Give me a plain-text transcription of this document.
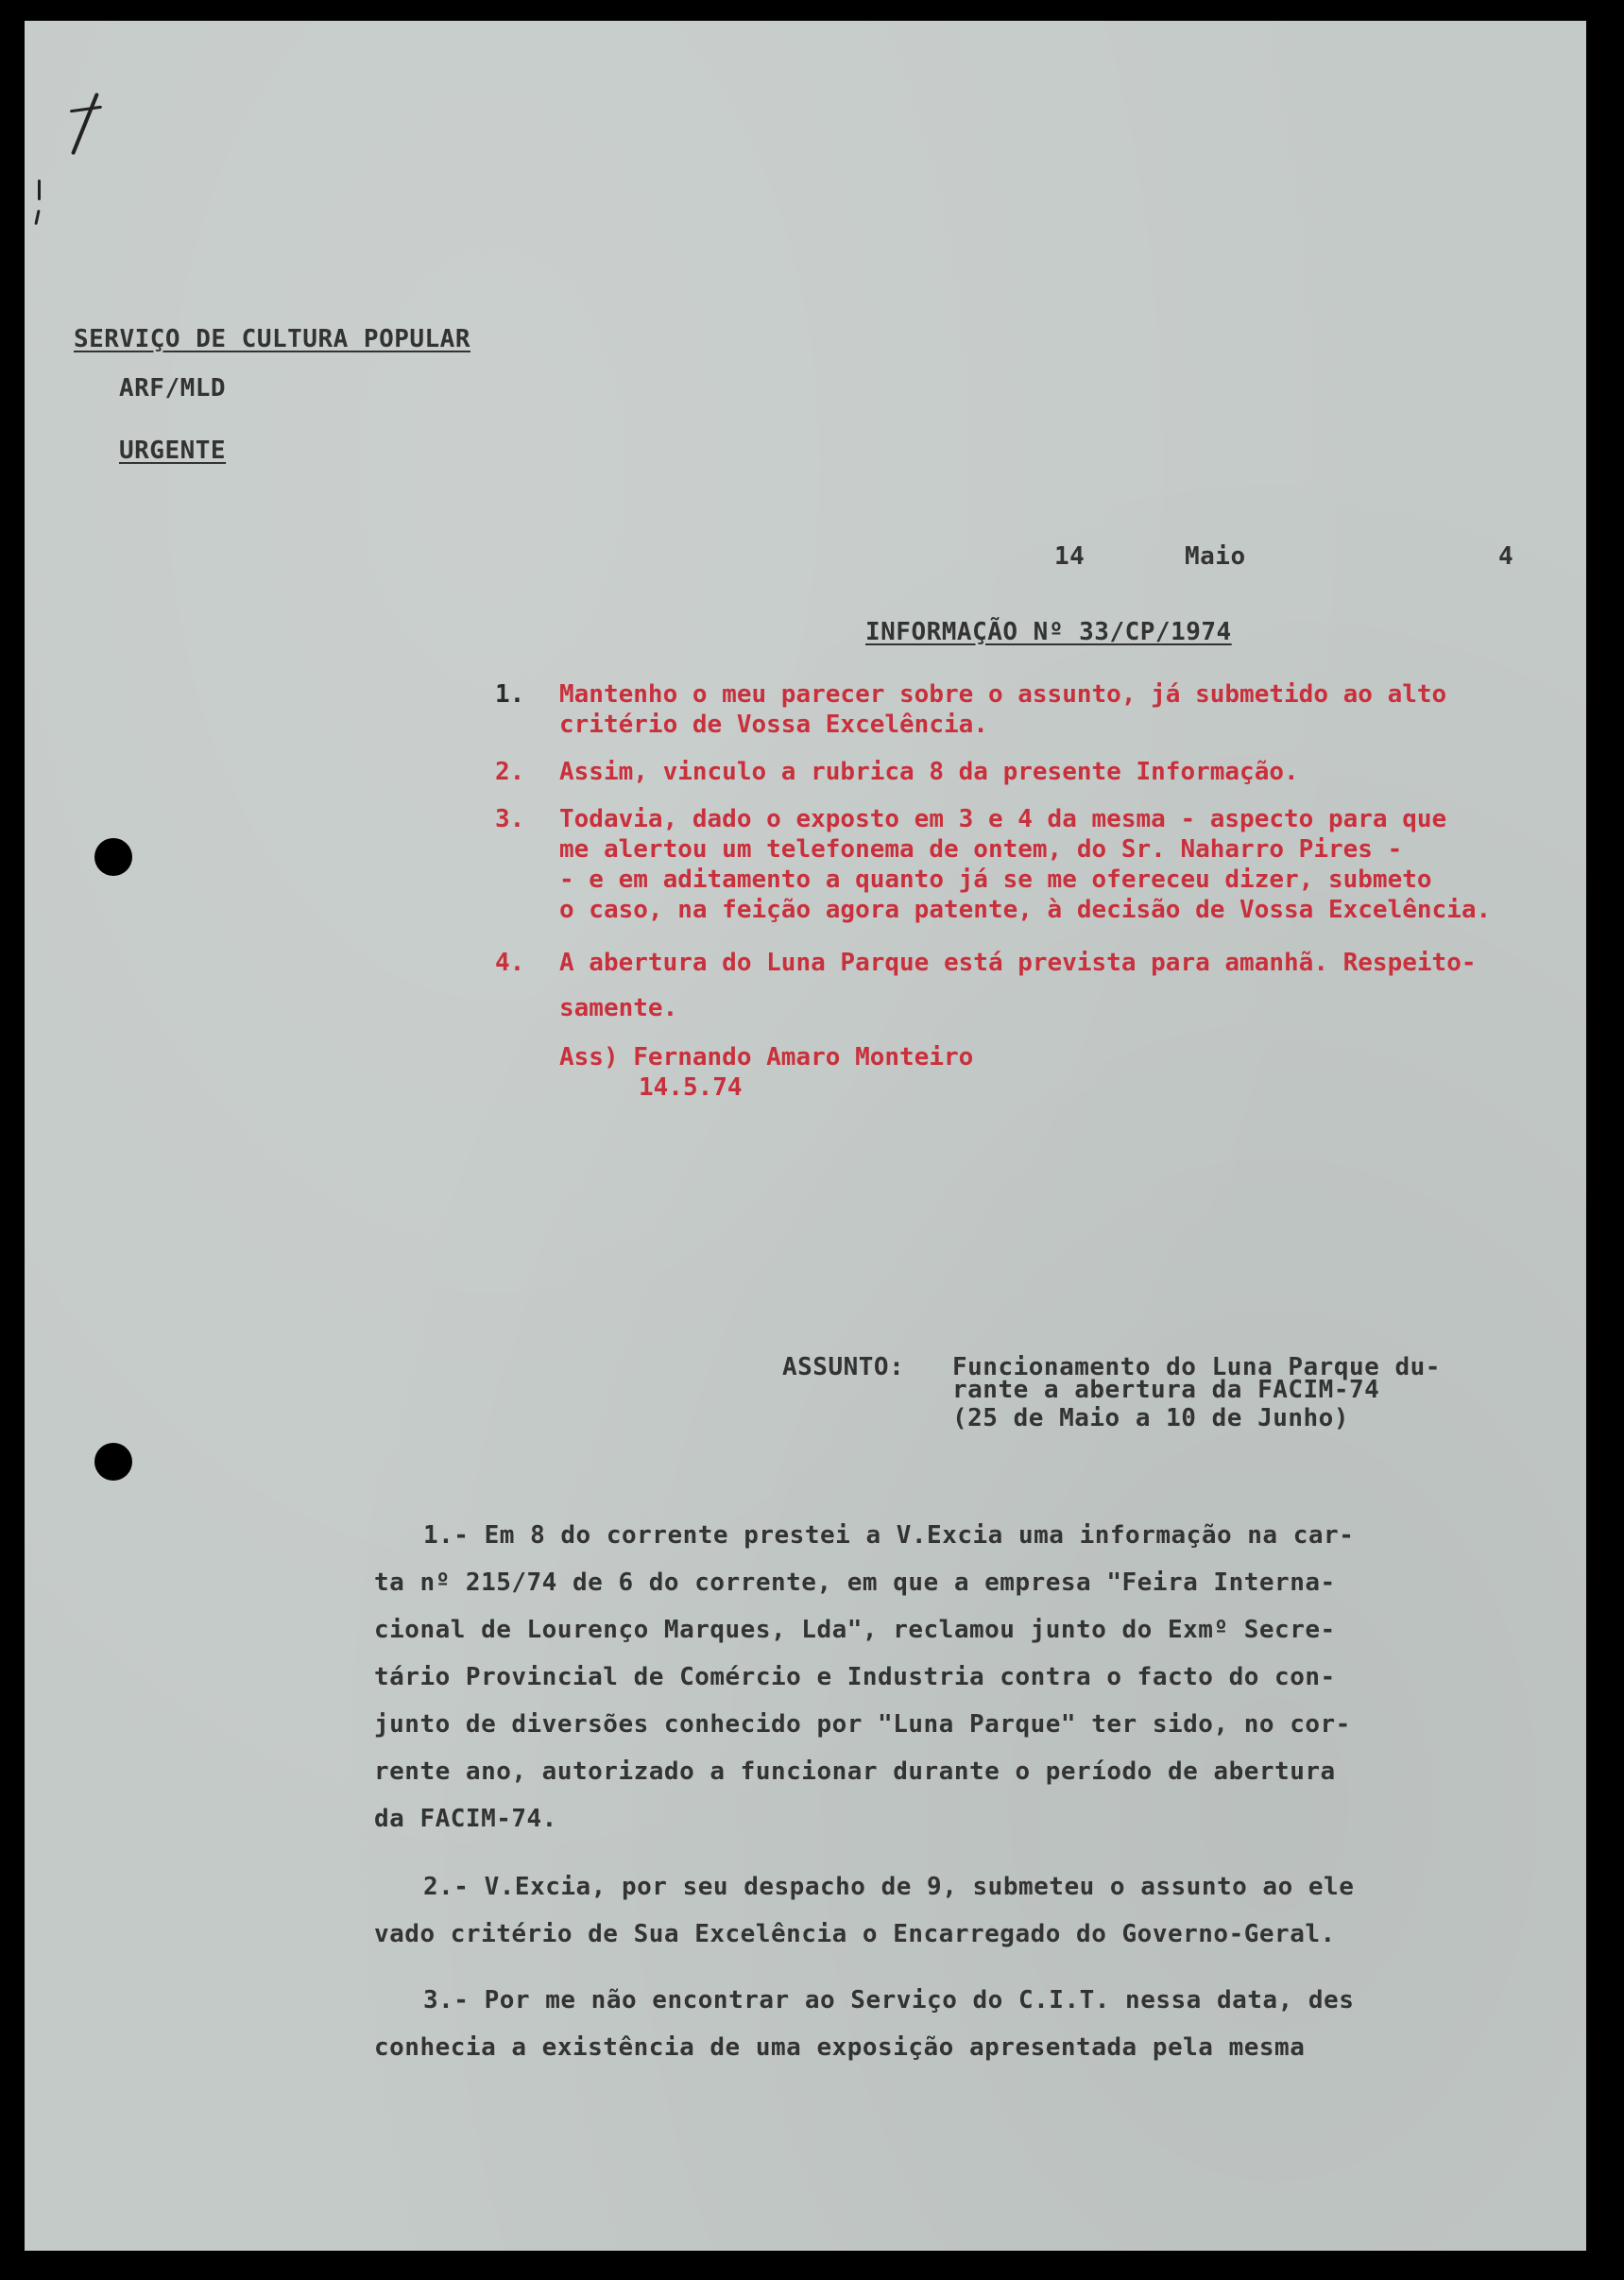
SERVIÇO DE CULTURA POPULAR
ARF/MLD
URGENTE
14	Maio	4
INFORMAÇÃO Nº 33/CP/1974
1. Mantenho o meu parecer sobre o assunto, já submetido ao alto
critério de Vossa Excelência.
2. Assim, vinculo a rubrica 8 da presente Informação.
3. Todavia, dado o exposto em 3 e 4 da mesma - aspecto para que
me alertou um telefonema de ontem, do Sr. Naharro Pires -
- e em aditamento a quanto já se me ofereceu dizer, submeto
o caso, na feição agora patente, à decisão de Vossa Excelência.
4. A abertura do Luna Parque está prevista para amanhã. Respeito-
samente.
Ass) Fernando Amaro Monteiro
14.5.74
ASSUNTO: Funcionamento do Luna Parque du-
rante a abertura da FACIM-74
(25 de Maio a 10 de Junho)
1.- Em 8 do corrente prestei a V.Excia uma informação na car-
ta nº 215/74 de 6 do corrente, em que a empresa "Feira Interna-
cional de Lourenço Marques, Lda", reclamou junto do Exmº Secre-
tário Provincial de Comércio e Industria contra o facto do con-
junto de diversões conhecido por "Luna Parque" ter sido, no cor-
rente ano, autorizado a funcionar durante o período de abertura
da FACIM-74.
2.- V.Excia, por seu despacho de 9, submeteu o assunto ao ele
vado critério de Sua Excelência o Encarregado do Governo-Geral.
3.- Por me não encontrar ao Serviço do C.I.T. nessa data, des
conhecia a existência de uma exposição apresentada pela mesma
